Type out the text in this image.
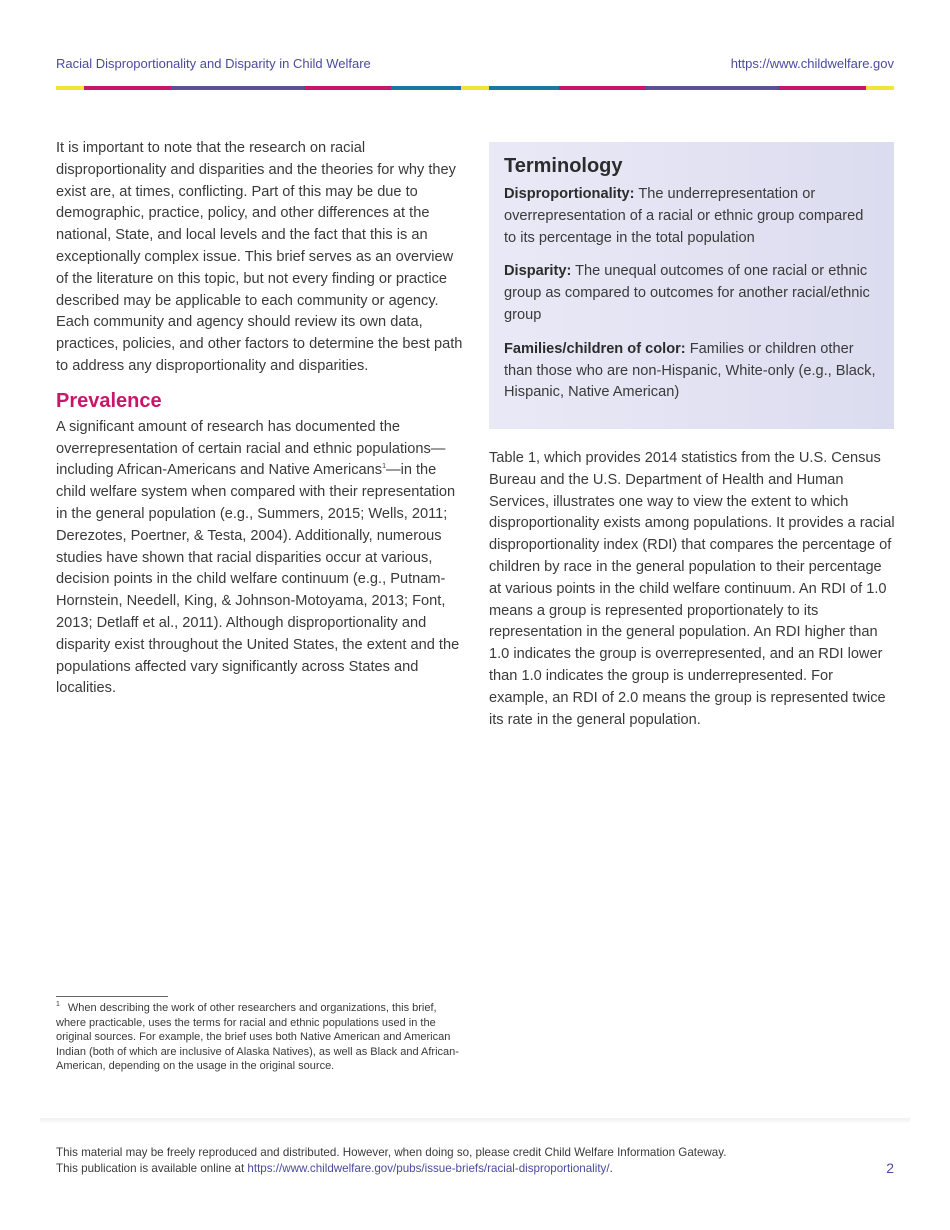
Racial Disproportionality and Disparity in Child Welfare	https://www.childwelfare.gov

It is important to note that the research on racial disproportionality and disparities and the theories for why they exist are, at times, conflicting. Part of this may be due to demographic, practice, policy, and other differences at the national, State, and local levels and the fact that this is an exceptionally complex issue. This brief serves as an overview of the literature on this topic, but not every finding or practice described may be applicable to each community or agency. Each community and agency should review its own data, practices, policies, and other factors to determine the best path to address any disproportionality and disparities.

Prevalence

A significant amount of research has documented the overrepresentation of certain racial and ethnic populations—including African-Americans and Native Americans$^1$—in the child welfare system when compared with their representation in the general population (e.g., Summers, 2015; Wells, 2011; Derezotes, Poertner, & Testa, 2004). Additionally, numerous studies have shown that racial disparities occur at various, decision points in the child welfare continuum (e.g., Putnam-Hornstein, Needell, King, & Johnson-Motoyama, 2013; Font, 2013; Detlaff et al., 2011). Although disproportionality and disparity exist throughout the United States, the extent and the populations affected vary significantly across States and localities.

Terminology

Disproportionality: The underrepresentation or overrepresentation of a racial or ethnic group compared to its percentage in the total population

Disparity: The unequal outcomes of one racial or ethnic group as compared to outcomes for another racial/ethnic group

Families/children of color: Families or children other than those who are non-Hispanic, White-only (e.g., Black, Hispanic, Native American)

Table 1, which provides 2014 statistics from the U.S. Census Bureau and the U.S. Department of Health and Human Services, illustrates one way to view the extent to which disproportionality exists among populations. It provides a racial disproportionality index (RDI) that compares the percentage of children by race in the general population to their percentage at various points in the child welfare continuum. An RDI of 1.0 means a group is represented proportionately to its representation in the general population. An RDI higher than 1.0 indicates the group is overrepresented, and an RDI lower than 1.0 indicates the group is underrepresented. For example, an RDI of 2.0 means the group is represented twice its rate in the general population.

$^1$ When describing the work of other researchers and organizations, this brief, where practicable, uses the terms for racial and ethnic populations used in the original sources. For example, the brief uses both Native American and American Indian (both of which are inclusive of Alaska Natives), as well as Black and African-American, depending on the usage in the original source.
This material may be freely reproduced and distributed. However, when doing so, please credit Child Welfare Information Gateway.
This publication is available online at https://www.childwelfare.gov/pubs/issue-briefs/racial-disproportionality/.	2
